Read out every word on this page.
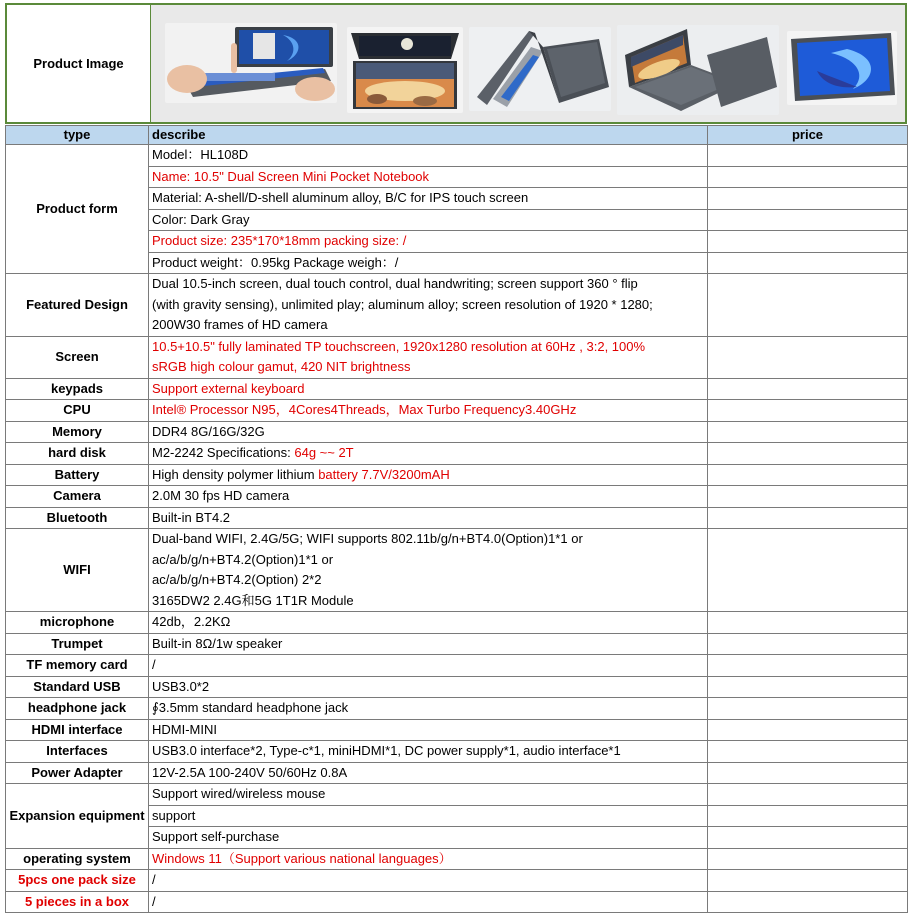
Product Image
type	describe	price
Product form	Model：HL108D	

	Name: 10.5" Dual Screen Mini Pocket Notebook	

	Material: A-shell/D-shell aluminum alloy, B/C for IPS touch screen	

	Color: Dark Gray	

	Product size: 235*170*18mm packing size: /	

	Product weight：0.95kg Package weigh：/	

Featured Design	Dual 10.5-inch screen, dual touch control, dual handwriting; screen support 360 ° flip
(with gravity sensing), unlimited play; aluminum alloy; screen resolution of 1920 * 1280;
200W30 frames of HD camera	

Screen	10.5+10.5" fully laminated TP touchscreen, 1920x1280 resolution at 60Hz , 3:2, 100%
sRGB high colour gamut, 420 NIT brightness	

keypads	Support external keyboard	

CPU	Intel® Processor N95，4Cores4Threads，Max Turbo Frequency3.40GHz	

Memory	DDR4 8G/16G/32G	

hard disk	M2-2242 Specifications: 64g ~~ 2T	

Battery	High density polymer lithium battery 7.7V/3200mAH	

Camera	2.0M 30 fps HD camera	

Bluetooth	Built-in BT4.2	

WIFI	Dual-band WIFI, 2.4G/5G; WIFI supports 802.11b/g/n+BT4.0(Option)1*1 or
ac/a/b/g/n+BT4.2(Option)1*1 or
ac/a/b/g/n+BT4.2(Option) 2*2
3165DW2 2.4G和5G 1T1R Module	

microphone	42db，2.2KΩ	

Trumpet	Built-in 8Ω/1w speaker	

TF memory card	/	

Standard USB	USB3.0*2	

headphone jack	∮3.5mm standard headphone jack	

HDMI interface	HDMI-MINI	

Interfaces	USB3.0 interface*2, Type-c*1, miniHDMI*1, DC power supply*1, audio interface*1	

Power Adapter	12V-2.5A 100-240V 50/60Hz 0.8A	

Expansion equipment	Support wired/wireless mouse	
	support	
	Support self-purchase	
operating system	Windows 11（Support various national languages）	

5pcs one pack size	/	

5 pieces in a box	/	
